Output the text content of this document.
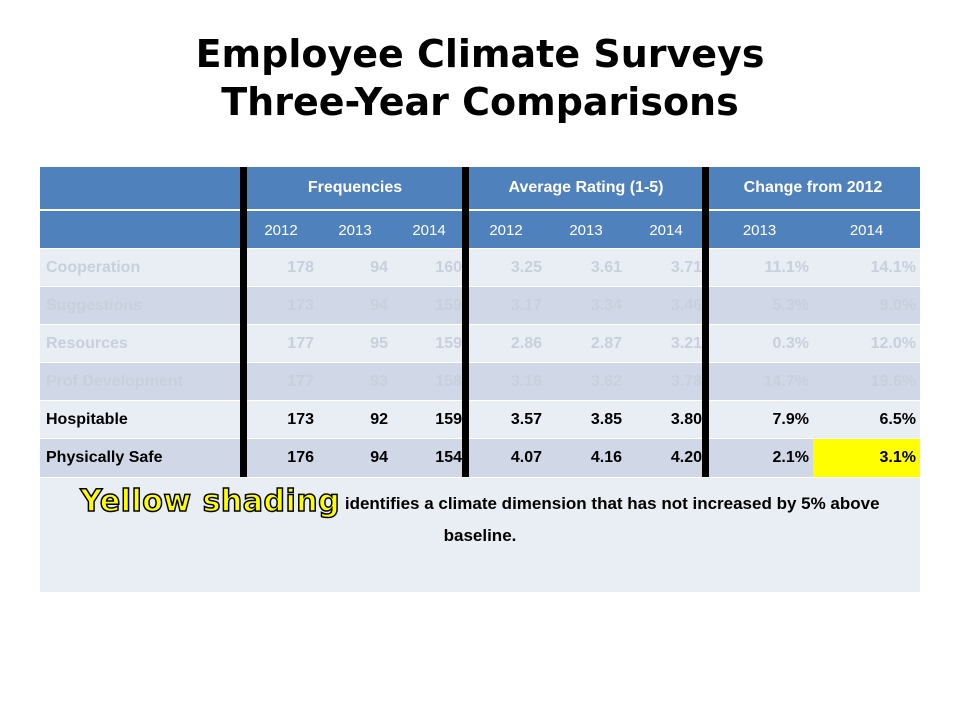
Employee Climate Surveys
Three-Year Comparisons
Frequencies	Average Rating (1-5)	Change from 2012
2012	2013	2014	2012	2013	2014	2013	2014
Cooperation	178	94	160	3.25	3.61	3.71	11.1%	14.1%
Suggestions	173	94	159	3.17	3.34	3.46	5.3%	9.0%
Resources	177	95	159	2.86	2.87	3.21	0.3%	12.0%
Prof Development	177	93	158	3.16	3.62	3.78	14.7%	19.6%
Hospitable	173	92	159	3.57	3.85	3.80	7.9%	6.5%
Physically Safe	176	94	154	4.07	4.16	4.20	2.1%	3.1%
Yellow shading identifies a climate dimension that has not increased by 5% above baseline.
